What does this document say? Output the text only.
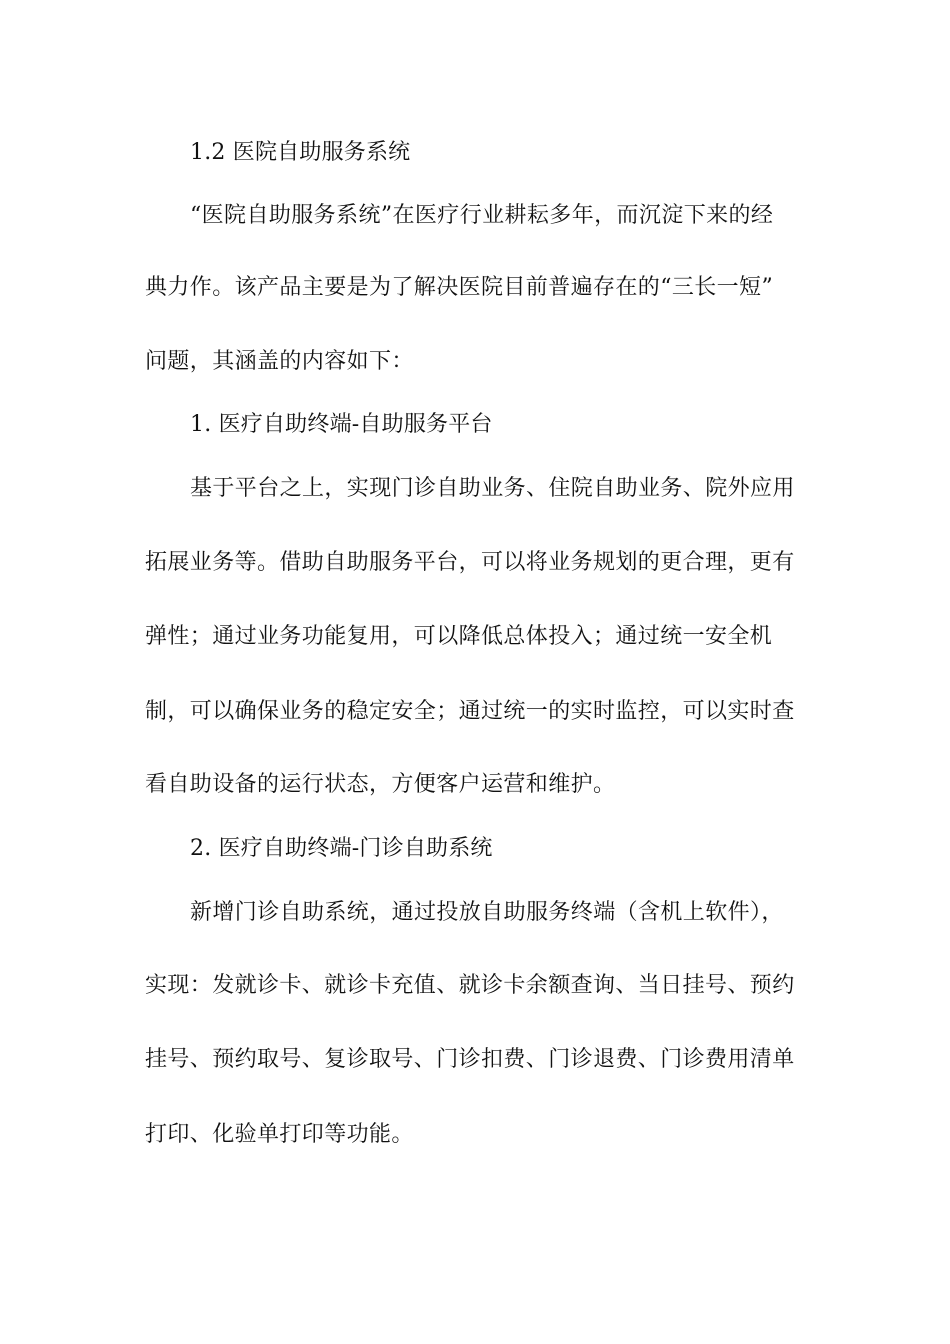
1.2 医院自助服务系统
“医院自助服务系统”在医疗行业耕耘多年，而沉淀下来的经
典力作。该产品主要是为了解决医院目前普遍存在的“三长一短”
问题，其涵盖的内容如下：
1. 医疗自助终端-自助服务平台
基于平台之上，实现门诊自助业务、住院自助业务、院外应用
拓展业务等。借助自助服务平台，可以将业务规划的更合理，更有
弹性；通过业务功能复用，可以降低总体投入；通过统一安全机
制，可以确保业务的稳定安全；通过统一的实时监控，可以实时查
看自助设备的运行状态，方便客户运营和维护。
2. 医疗自助终端-门诊自助系统
新增门诊自助系统，通过投放自助服务终端（含机上软件），
实现：发就诊卡、就诊卡充值、就诊卡余额查询、当日挂号、预约
挂号、预约取号、复诊取号、门诊扣费、门诊退费、门诊费用清单
打印、化验单打印等功能。
